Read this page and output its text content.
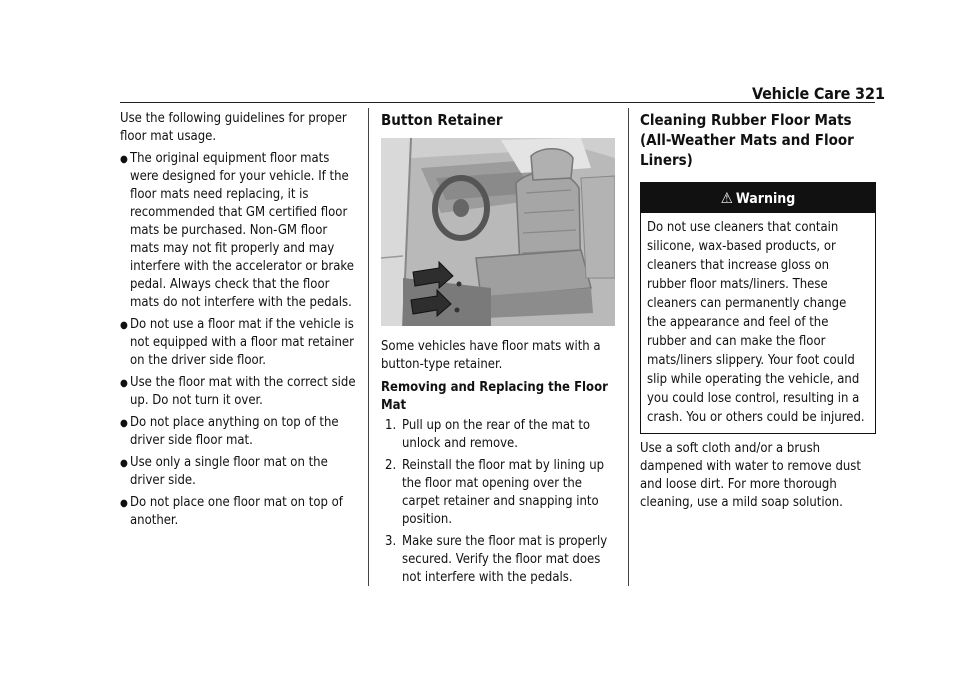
Vehicle Care 321

Use the following guidelines for proper floor mat usage.

● The original equipment floor mats were designed for your vehicle. If the floor mats need replacing, it is recommended that GM certified floor mats be purchased. Non-GM floor mats may not fit properly and may interfere with the accelerator or brake pedal. Always check that the floor mats do not interfere with the pedals.
● Do not use a floor mat if the vehicle is not equipped with a floor mat retainer on the driver side floor.
● Use the floor mat with the correct side up. Do not turn it over.
● Do not place anything on top of the driver side floor mat.
● Use only a single floor mat on the driver side.
● Do not place one floor mat on top of another.
Button Retainer

Some vehicles have floor mats with a button-type retainer.

Removing and Replacing the Floor Mat

1. Pull up on the rear of the mat to unlock and remove.
2. Reinstall the floor mat by lining up the floor mat opening over the carpet retainer and snapping into position.
3. Make sure the floor mat is properly secured. Verify the floor mat does not interfere with the pedals.
Cleaning Rubber Floor Mats (All-Weather Mats and Floor Liners)
⚠ Warning
Do not use cleaners that contain silicone, wax-based products, or cleaners that increase gloss on rubber floor mats/liners. These cleaners can permanently change the appearance and feel of the rubber and can make the floor mats/liners slippery. Your foot could slip while operating the vehicle, and you could lose control, resulting in a crash. You or others could be injured.

Use a soft cloth and/or a brush dampened with water to remove dust and loose dirt. For more thorough cleaning, use a mild soap solution.
